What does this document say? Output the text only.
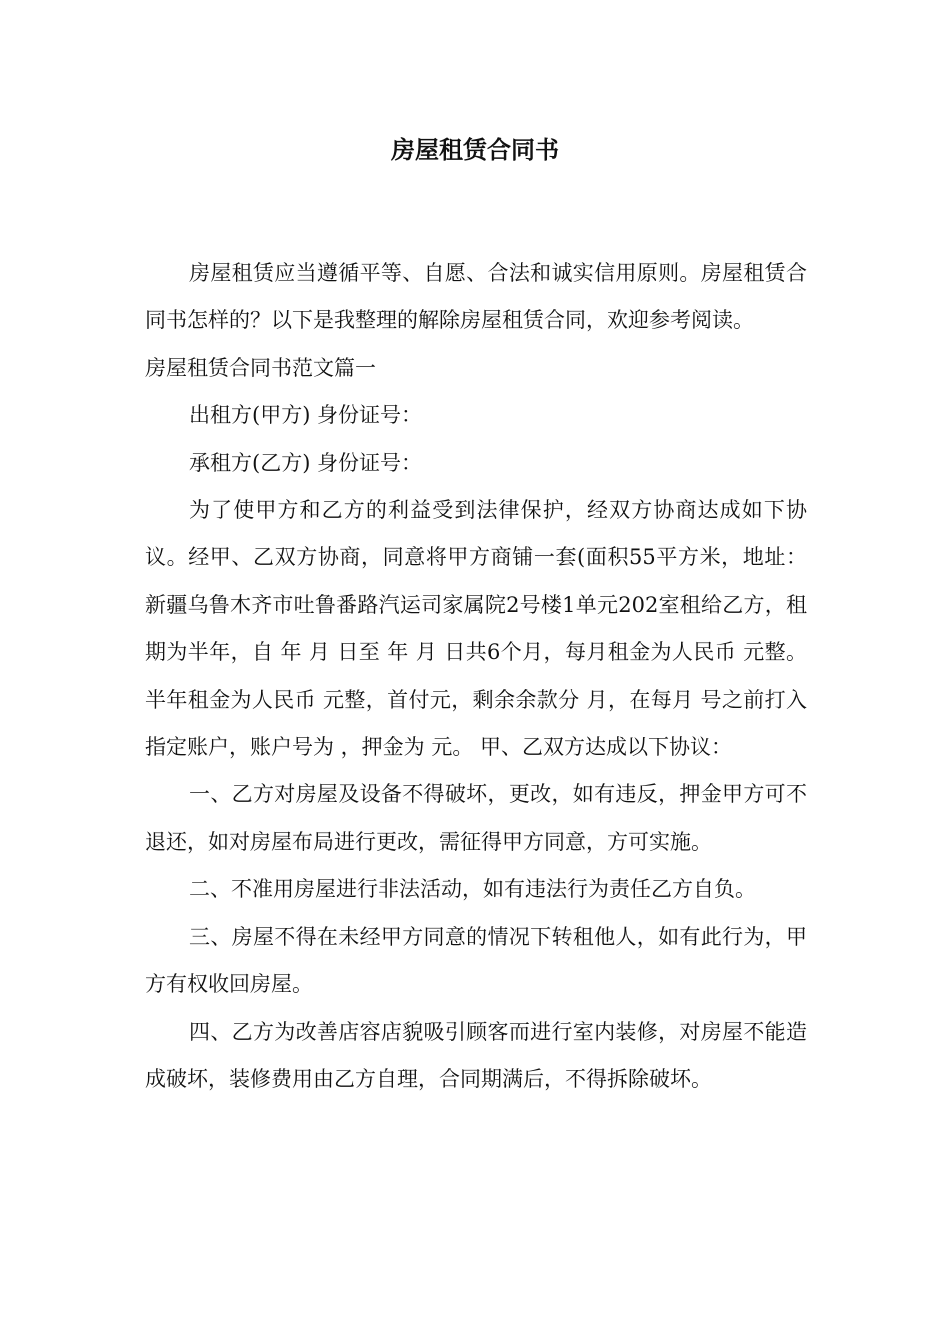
房屋租赁合同书

房屋租赁应当遵循平等、自愿、合法和诚实信用原则。房屋租赁合同书怎样的？以下是我整理的解除房屋租赁合同，欢迎参考阅读。

房屋租赁合同书范文篇一

出租方(甲方) 身份证号：

承租方(乙方) 身份证号：

为了使甲方和乙方的利益受到法律保护，经双方协商达成如下协议。经甲、乙双方协商，同意将甲方商铺一套(面积55平方米，地址：新疆乌鲁木齐市吐鲁番路汽运司家属院2号楼1单元202室租给乙方，租期为半年，自 年 月 日至 年 月 日共6个月，每月租金为人民币 元整。半年租金为人民币 元整，首付元，剩余余款分 月，在每月 号之前打入指定账户，账户号为 ，押金为 元。 甲、乙双方达成以下协议：

一、乙方对房屋及设备不得破坏，更改，如有违反，押金甲方可不退还，如对房屋布局进行更改，需征得甲方同意，方可实施。

二、不准用房屋进行非法活动，如有违法行为责任乙方自负。

三、房屋不得在未经甲方同意的情况下转租他人，如有此行为，甲方有权收回房屋。

四、乙方为改善店容店貌吸引顾客而进行室内装修，对房屋不能造成破坏，装修费用由乙方自理，合同期满后，不得拆除破坏。
